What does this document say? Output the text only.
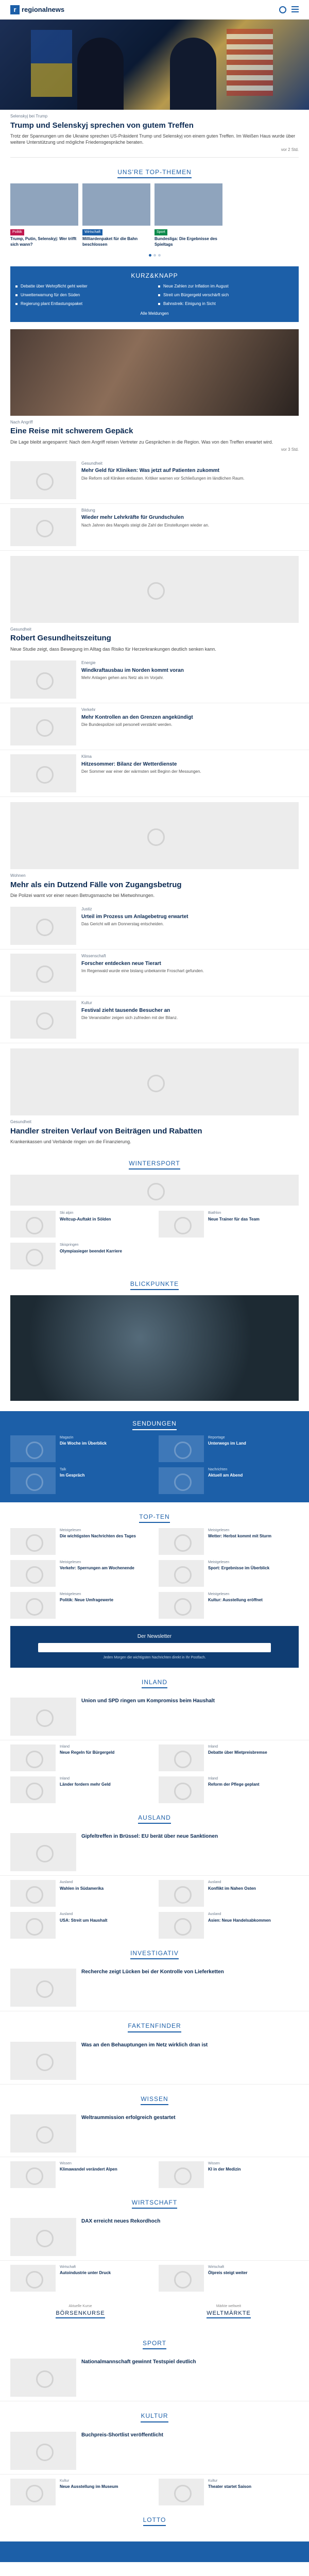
r regionalnews
Selenskyj bei Trump
Trump und Selenskyj sprechen von gutem Treffen

Trotz der Spannungen um die Ukraine sprechen US-Präsident Trump und Selenskyj von einem guten Treffen. Im Weißen Haus wurde über weitere Unterstützung und mögliche Friedensgespräche beraten.

vor 2 Std.
UNS'RE TOP-THEMEN
Politik
Trump, Putin, Selenskyj: Wer trifft sich wann?
Wirtschaft
Milliardenpaket für die Bahn beschlossen
Sport
Bundesliga: Die Ergebnisse des Spieltags
KURZ&KNAPP
Debatte über Wehrpflicht geht weiter	Neue Zahlen zur Inflation im August
Unwetterwarnung für den Süden	Streit um Bürgergeld verschärft sich
Regierung plant Entlastungspaket	Bahnstreik: Einigung in Sicht
Alle Meldungen
Nach Angriff
Eine Reise mit schwerem Gepäck

Die Lage bleibt angespannt: Nach dem Angriff reisen Vertreter zu Gesprächen in die Region. Was von den Treffen erwartet wird.

vor 3 Std.
Gesundheit
Mehr Geld für Kliniken: Was jetzt auf Patienten zukommt

Die Reform soll Kliniken entlasten. Kritiker warnen vor Schließungen im ländlichen Raum.

Bildung
Wieder mehr Lehrkräfte für Grundschulen

Nach Jahren des Mangels steigt die Zahl der Einstellungen wieder an.

Gesundheit
Robert Gesundheitszeitung

Neue Studie zeigt, dass Bewegung im Alltag das Risiko für Herzerkrankungen deutlich senken kann.

Energie
Windkraftausbau im Norden kommt voran

Mehr Anlagen gehen ans Netz als im Vorjahr.

Verkehr
Mehr Kontrollen an den Grenzen angekündigt

Die Bundespolizei soll personell verstärkt werden.

Klima
Hitzesommer: Bilanz der Wetterdienste

Der Sommer war einer der wärmsten seit Beginn der Messungen.

Wohnen
Mehr als ein Dutzend Fälle von Zugangsbetrug

Die Polizei warnt vor einer neuen Betrugsmasche bei Mietwohnungen.

Justiz
Urteil im Prozess um Anlagebetrug erwartet

Das Gericht will am Donnerstag entscheiden.

Wissenschaft
Forscher entdecken neue Tierart

Im Regenwald wurde eine bislang unbekannte Froschart gefunden.

Kultur
Festival zieht tausende Besucher an

Die Veranstalter zeigen sich zufrieden mit der Bilanz.

Gesundheit
Handler streiten Verlauf von Beiträgen und Rabatten

Krankenkassen und Verbände ringen um die Finanzierung.

WINTERSPORT
Ski alpin
Weltcup-Auftakt in Sölden
Biathlon
Neue Trainer für das Team
Skispringen
Olympiasieger beendet Karriere
BLICKPUNKTE
SENDUNGEN
Magazin
Die Woche im Überblick
Reportage
Unterwegs im Land
Talk
Im Gespräch
Nachrichten
Aktuell am Abend
TOP-TEN
Meistgelesen
Die wichtigsten Nachrichten des Tages
Meistgelesen
Wetter: Herbst kommt mit Sturm
Meistgelesen
Verkehr: Sperrungen am Wochenende
Meistgelesen
Sport: Ergebnisse im Überblick
Meistgelesen
Politik: Neue Umfragewerte
Meistgelesen
Kultur: Ausstellung eröffnet
Der Newsletter

Jeden Morgen die wichtigsten Nachrichten direkt in Ihr Postfach.

INLAND
Union und SPD ringen um Kompromiss beim Haushalt
Inland
Neue Regeln für Bürgergeld
Inland
Debatte über Mietpreisbremse
Inland
Länder fordern mehr Geld
Inland
Reform der Pflege geplant
AUSLAND
Gipfeltreffen in Brüssel: EU berät über neue Sanktionen
Ausland
Wahlen in Südamerika
Ausland
Konflikt im Nahen Osten
Ausland
USA: Streit um Haushalt
Ausland
Asien: Neue Handelsabkommen
INVESTIGATIV
Recherche zeigt Lücken bei der Kontrolle von Lieferketten
FAKTENFINDER
Was an den Behauptungen im Netz wirklich dran ist
WISSEN
Weltraummission erfolgreich gestartet
Wissen
Klimawandel verändert Alpen
Wissen
KI in der Medizin
WIRTSCHAFT
DAX erreicht neues Rekordhoch
Wirtschaft
Autoindustrie unter Druck
Wirtschaft
Ölpreis steigt weiter
Aktuelle Kurse
BÖRSENKURSE
Märkte weltweit
WELTMÄRKTE
SPORT
Nationalmannschaft gewinnt Testspiel deutlich
KULTUR
Buchpreis-Shortlist veröffentlicht
Kultur
Neue Ausstellung im Museum
Kultur
Theater startet Saison
LOTTO
